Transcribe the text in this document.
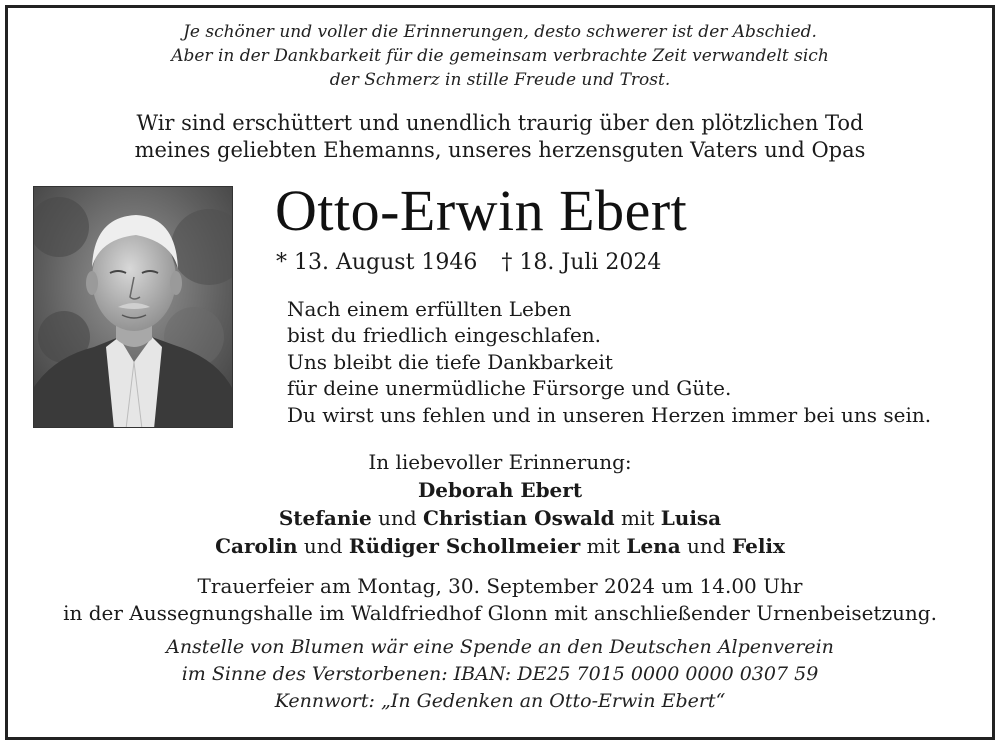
Je schöner und voller die Erinnerungen, desto schwerer ist der Abschied.
Aber in der Dankbarkeit für die gemeinsam verbrachte Zeit verwandelt sich
der Schmerz in stille Freude und Trost.
Wir sind erschüttert und unendlich traurig über den plötzlichen Tod
meines geliebten Ehemanns, unseres herzensguten Vaters und Opas
Otto-Erwin Ebert
* 13. August 1946 † 18. Juli 2024
Nach einem erfüllten Leben
bist du friedlich eingeschlafen.
Uns bleibt die tiefe Dankbarkeit
für deine unermüdliche Fürsorge und Güte.
Du wirst uns fehlen und in unseren Herzen immer bei uns sein.
In liebevoller Erinnerung:
Deborah Ebert
Stefanie und Christian Oswald mit Luisa
Carolin und Rüdiger Schollmeier mit Lena und Felix
Trauerfeier am Montag, 30. September 2024 um 14.00 Uhr
in der Aussegnungshalle im Waldfriedhof Glonn mit anschließender Urnenbeisetzung.
Anstelle von Blumen wär eine Spende an den Deutschen Alpenverein
im Sinne des Verstorbenen: IBAN: DE25 7015 0000 0000 0307 59
Kennwort: „In Gedenken an Otto-Erwin Ebert“
